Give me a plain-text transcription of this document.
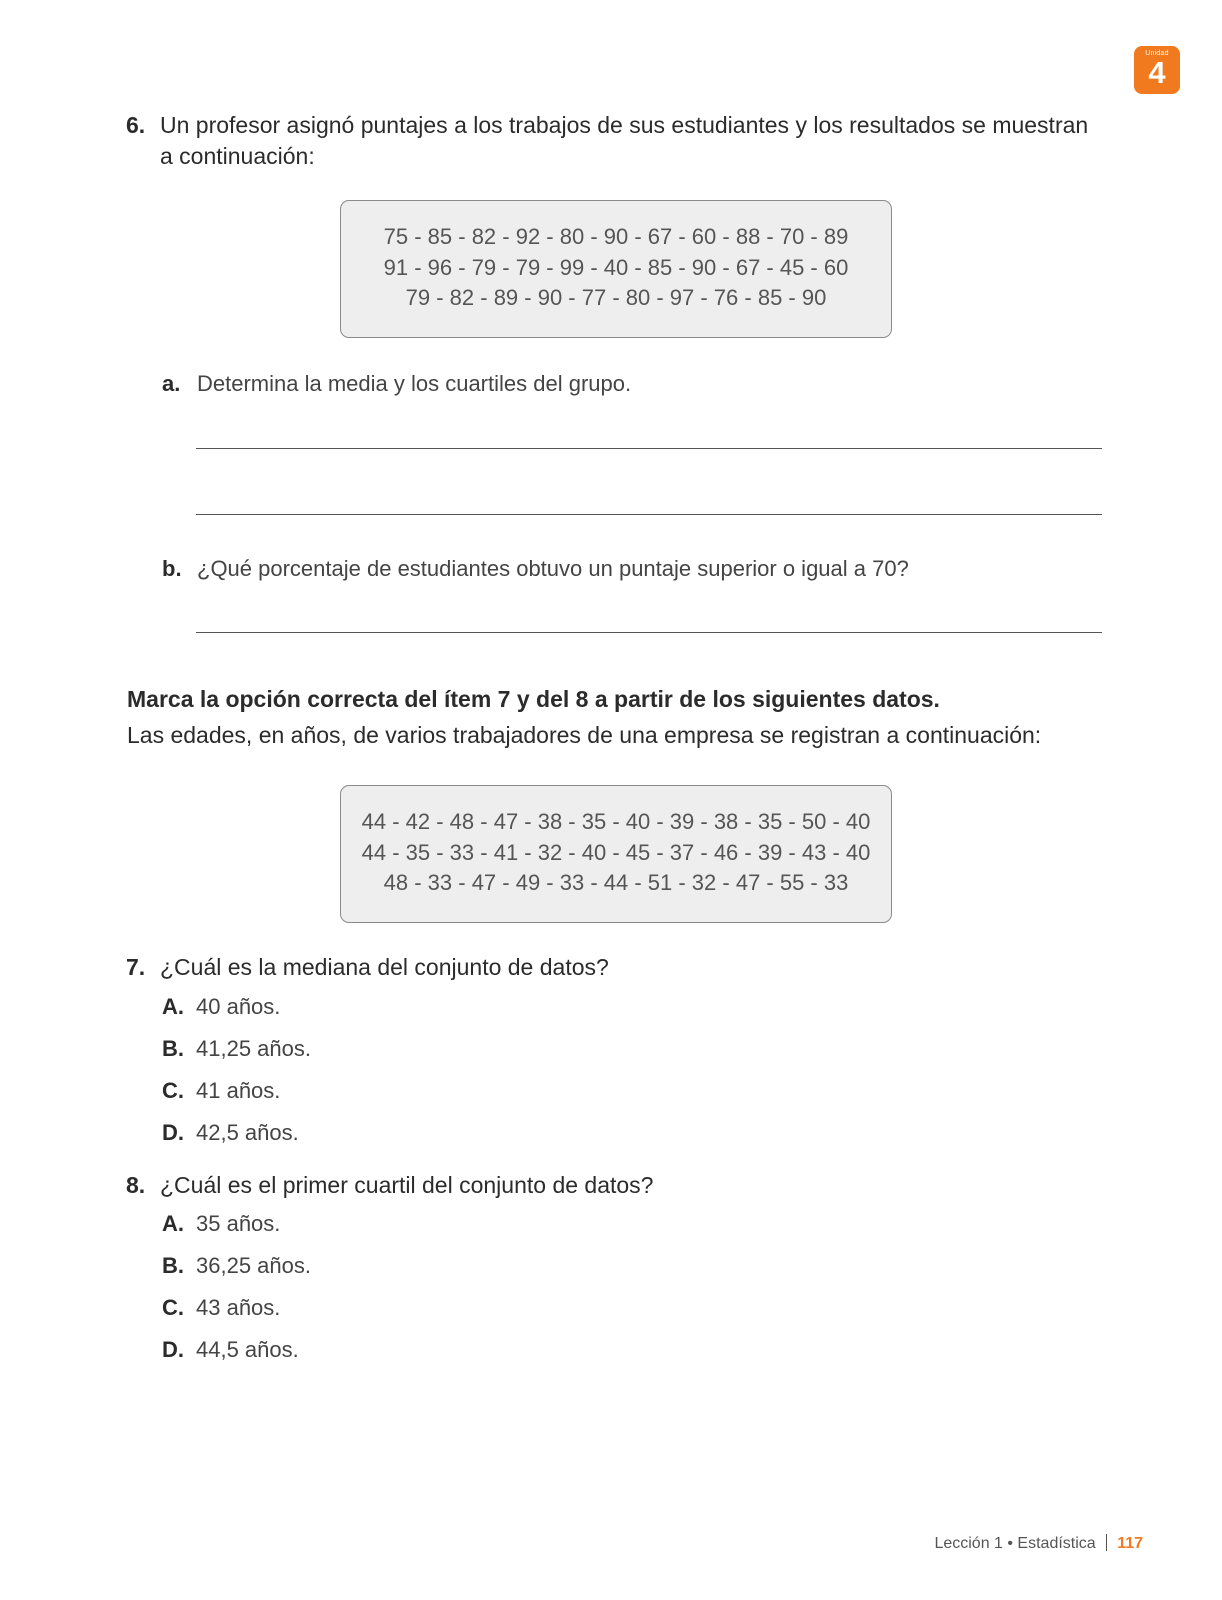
Unidad
4
6. Un profesor asignó puntajes a los trabajos de sus estudiantes y los resultados se muestran
a continuación:
75 - 85 - 82 - 92 - 80 - 90 - 67 - 60 - 88 - 70 - 89
91 - 96 - 79 - 79 - 99 - 40 - 85 - 90 - 67 - 45 - 60
79 - 82 - 89 - 90 - 77 - 80 - 97 - 76 - 85 - 90
a. Determina la media y los cuartiles del grupo.
b. ¿Qué porcentaje de estudiantes obtuvo un puntaje superior o igual a 70?
Marca la opción correcta del ítem 7 y del 8 a partir de los siguientes datos.
Las edades, en años, de varios trabajadores de una empresa se registran a continuación:
44 - 42 - 48 - 47 - 38 - 35 - 40 - 39 - 38 - 35 - 50 - 40
44 - 35 - 33 - 41 - 32 - 40 - 45 - 37 - 46 - 39 - 43 - 40
48 - 33 - 47 - 49 - 33 - 44 - 51 - 32 - 47 - 55 - 33
7. ¿Cuál es la mediana del conjunto de datos?
A. 40 años.
B. 41,25 años.
C. 41 años.
D. 42,5 años.
8. ¿Cuál es el primer cuartil del conjunto de datos?
A. 35 años.
B. 36,25 años.
C. 43 años.
D. 44,5 años.
Lección 1 • Estadística 117
